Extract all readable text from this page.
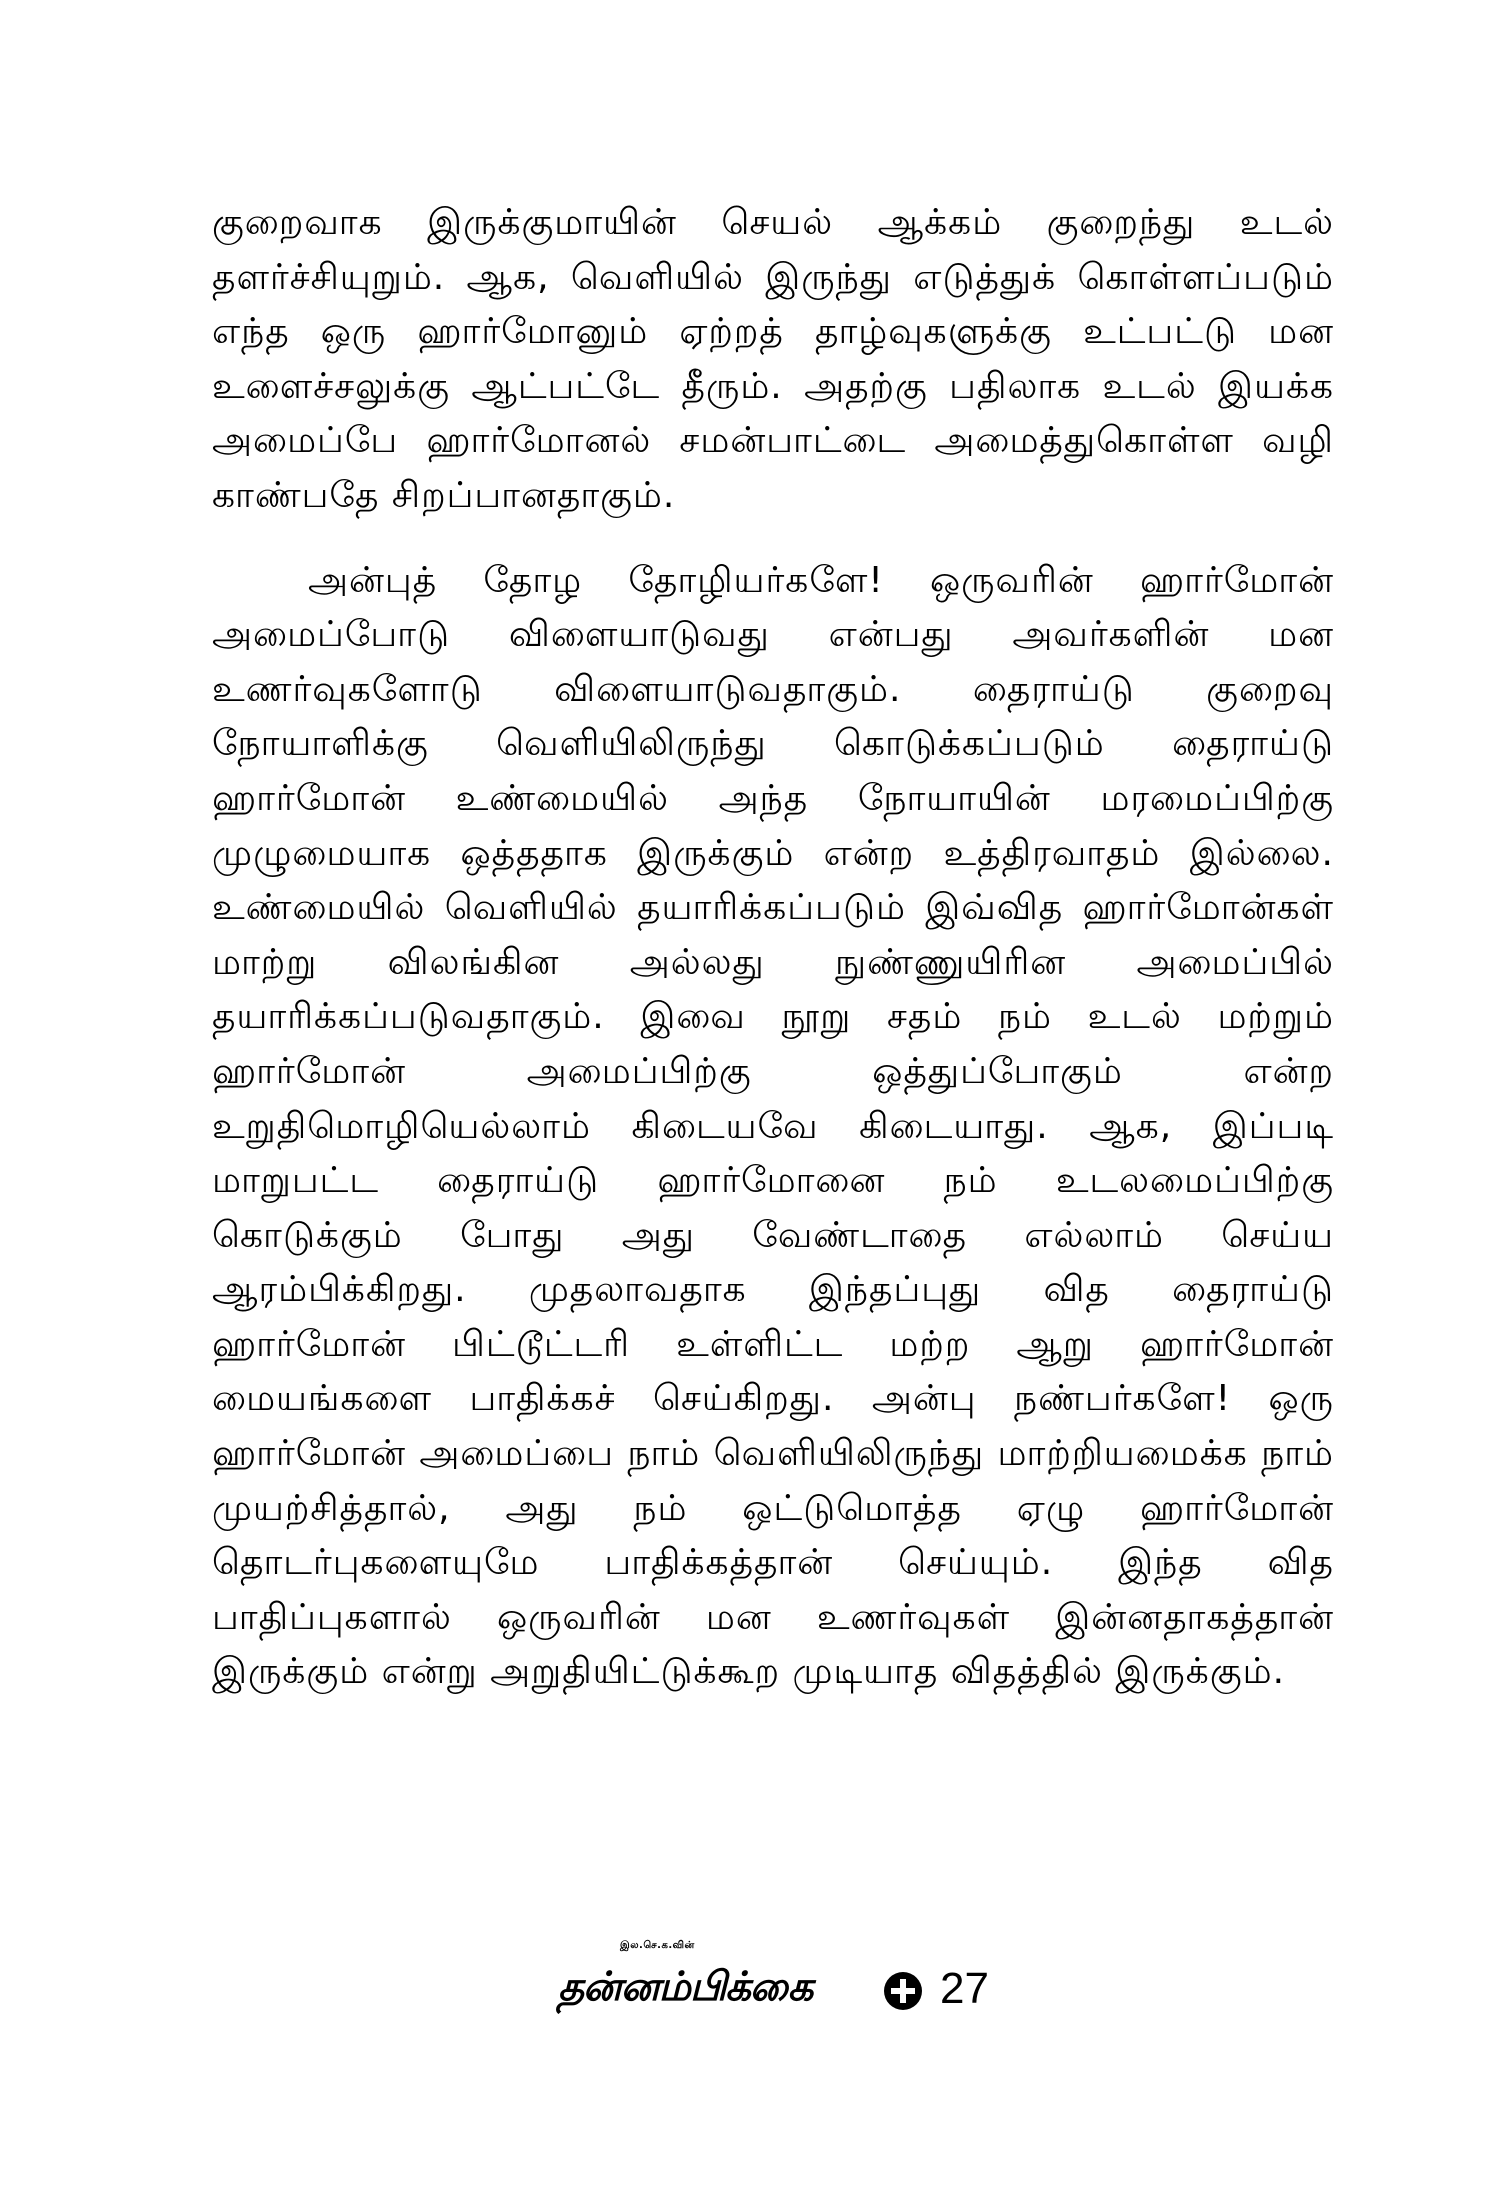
குறைவாக இருக்குமாயின் செயல் ஆக்கம் குறைந்து உடல் தளர்ச்சியுறும். ஆக, வெளியில் இருந்து எடுத்துக் கொள்ளப்படும் எந்த ஒரு ஹார்மோனும் ஏற்றத் தாழ்வுகளுக்கு உட்பட்டு மன உளைச்சலுக்கு ஆட்பட்டே தீரும். அதற்கு பதிலாக உடல் இயக்க அமைப்பே ஹார்மோனல் சமன்பாட்டை அமைத்துகொள்ள வழி காண்பதே சிறப்பானதாகும்.

அன்புத் தோழ தோழியர்களே! ஒருவரின் ஹார்மோன் அமைப்போடு விளையாடுவது என்பது அவர்களின் மன உணர்வுகளோடு விளையாடுவதாகும். தைராய்டு குறைவு நோயாளிக்கு வெளியிலிருந்து கொடுக்கப்படும் தைராய்டு ஹார்மோன் உண்மையில் அந்த நோயாயின் மரமைப்பிற்கு முழுமையாக ஒத்ததாக இருக்கும் என்ற உத்திரவாதம் இல்லை. உண்மையில் வெளியில் தயாரிக்கப்படும் இவ்வித ஹார்மோன்கள் மாற்று விலங்கின அல்லது நுண்ணுயிரின அமைப்பில் தயாரிக்கப்படுவதாகும். இவை நூறு சதம் நம் உடல் மற்றும் ஹார்மோன் அமைப்பிற்கு ஒத்துப்போகும் என்ற உறுதிமொழியெல்லாம் கிடையவே கிடையாது. ஆக, இப்படி மாறுபட்ட தைராய்டு ஹார்மோனை நம் உடலமைப்பிற்கு கொடுக்கும் போது அது வேண்டாதை எல்லாம் செய்ய ஆரம்பிக்கிறது. முதலாவதாக இந்தப்புது வித தைராய்டு ஹார்மோன் பிட்டூட்டரி உள்ளிட்ட மற்ற ஆறு ஹார்மோன் மையங்களை பாதிக்கச் செய்கிறது. அன்பு நண்பர்களே! ஒரு ஹார்மோன் அமைப்பை நாம் வெளியிலிருந்து மாற்றியமைக்க நாம் முயற்சித்தால், அது நம் ஒட்டுமொத்த ஏழு ஹார்மோன் தொடர்புகளையுமே பாதிக்கத்தான் செய்யும். இந்த வித பாதிப்புகளால் ஒருவரின் மன உணர்வுகள் இன்னதாகத்தான் இருக்கும் என்று அறுதியிட்டுக்கூற முடியாத விதத்தில் இருக்கும்.

இல.செ.க.வின்
தன்னம்பிக்கை	27
